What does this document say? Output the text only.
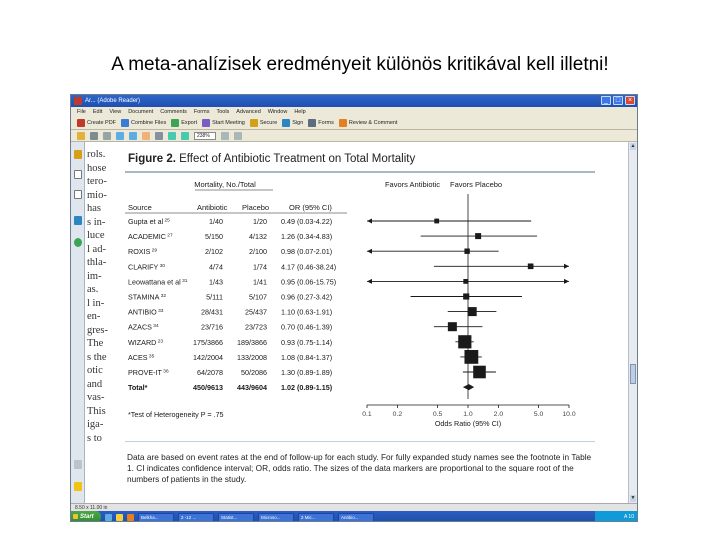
A meta-analízisek eredményeit különös kritikával kell illetni!
Ar... (Adobe Reader)	_	□	×
File Edit View Document Comments Forms Tools Advanced Window Help
Create PDF	Combine Files	Export	Start Meeting	Secure	Sign	Forms	Review & Comment
238%
rols.
hose
tero-
mio-
has
s in-
luce
l ad-
thla-
im-
as.
l in-
en-
gres-
The
s the
otic
and
vas-
This
iga-
s to
Figure 2. Effect of Antibiotic Treatment on Total Mortality
Mortality, No./Total	Favors Antibiotic Favors Placebo
Source	Antibiotic Placebo	OR (95% CI)
Gupta et al $^{25}$	1/40	1/20 0.49 (0.03-4.22)
ACADEMIC $^{27}$	5/150	4/132 1.26 (0.34-4.83)
ROXIS $^{29}$	2/102	2/100 0.98 (0.07-2.01)
CLARIFY $^{30}$	4/74	1/74 4.17 (0.46-38.24)
Leowattana et al $^{31}$	1/43	1/41 0.95 (0.06-15.75)
STAMINA $^{32}$	5/111	5/107 0.96 (0.27-3.42)
ANTIBIO $^{33}$	28/431	25/437 1.10 (0.63-1.91)
AZACS $^{34}$	23/716	23/723 0.70 (0.46-1.39)
WIZARD $^{23}$	175/3866 189/3866 0.93 (0.75-1.14)
ACES $^{35}$	142/2004 133/2008 1.08 (0.84-1.37)
PROVE-IT $^{36}$	64/2078	50/2086 1.30 (0.89-1.89)
Total*	450/9613 443/9604 1.02 (0.89-1.15)
*Test of Heterogeneity P = .75	0.1	0.2	0.5	1.0	2.0	5.0	10.0
Odds Ratio (95% CI)
Data are based on event rates at the end of follow-up for each study. For fully expanded study names see the footnote in Table 1. CI indicates confidence interval; OR, odds ratio. The sizes of the data markers are proportional to the square root of the numbers of patients in the study.
▲
▼
8.50 x 11.00 in
Start	Belkha...	2 -12 ...	Statist...	Microso...	2 Mic...	Antibio...	A 10
